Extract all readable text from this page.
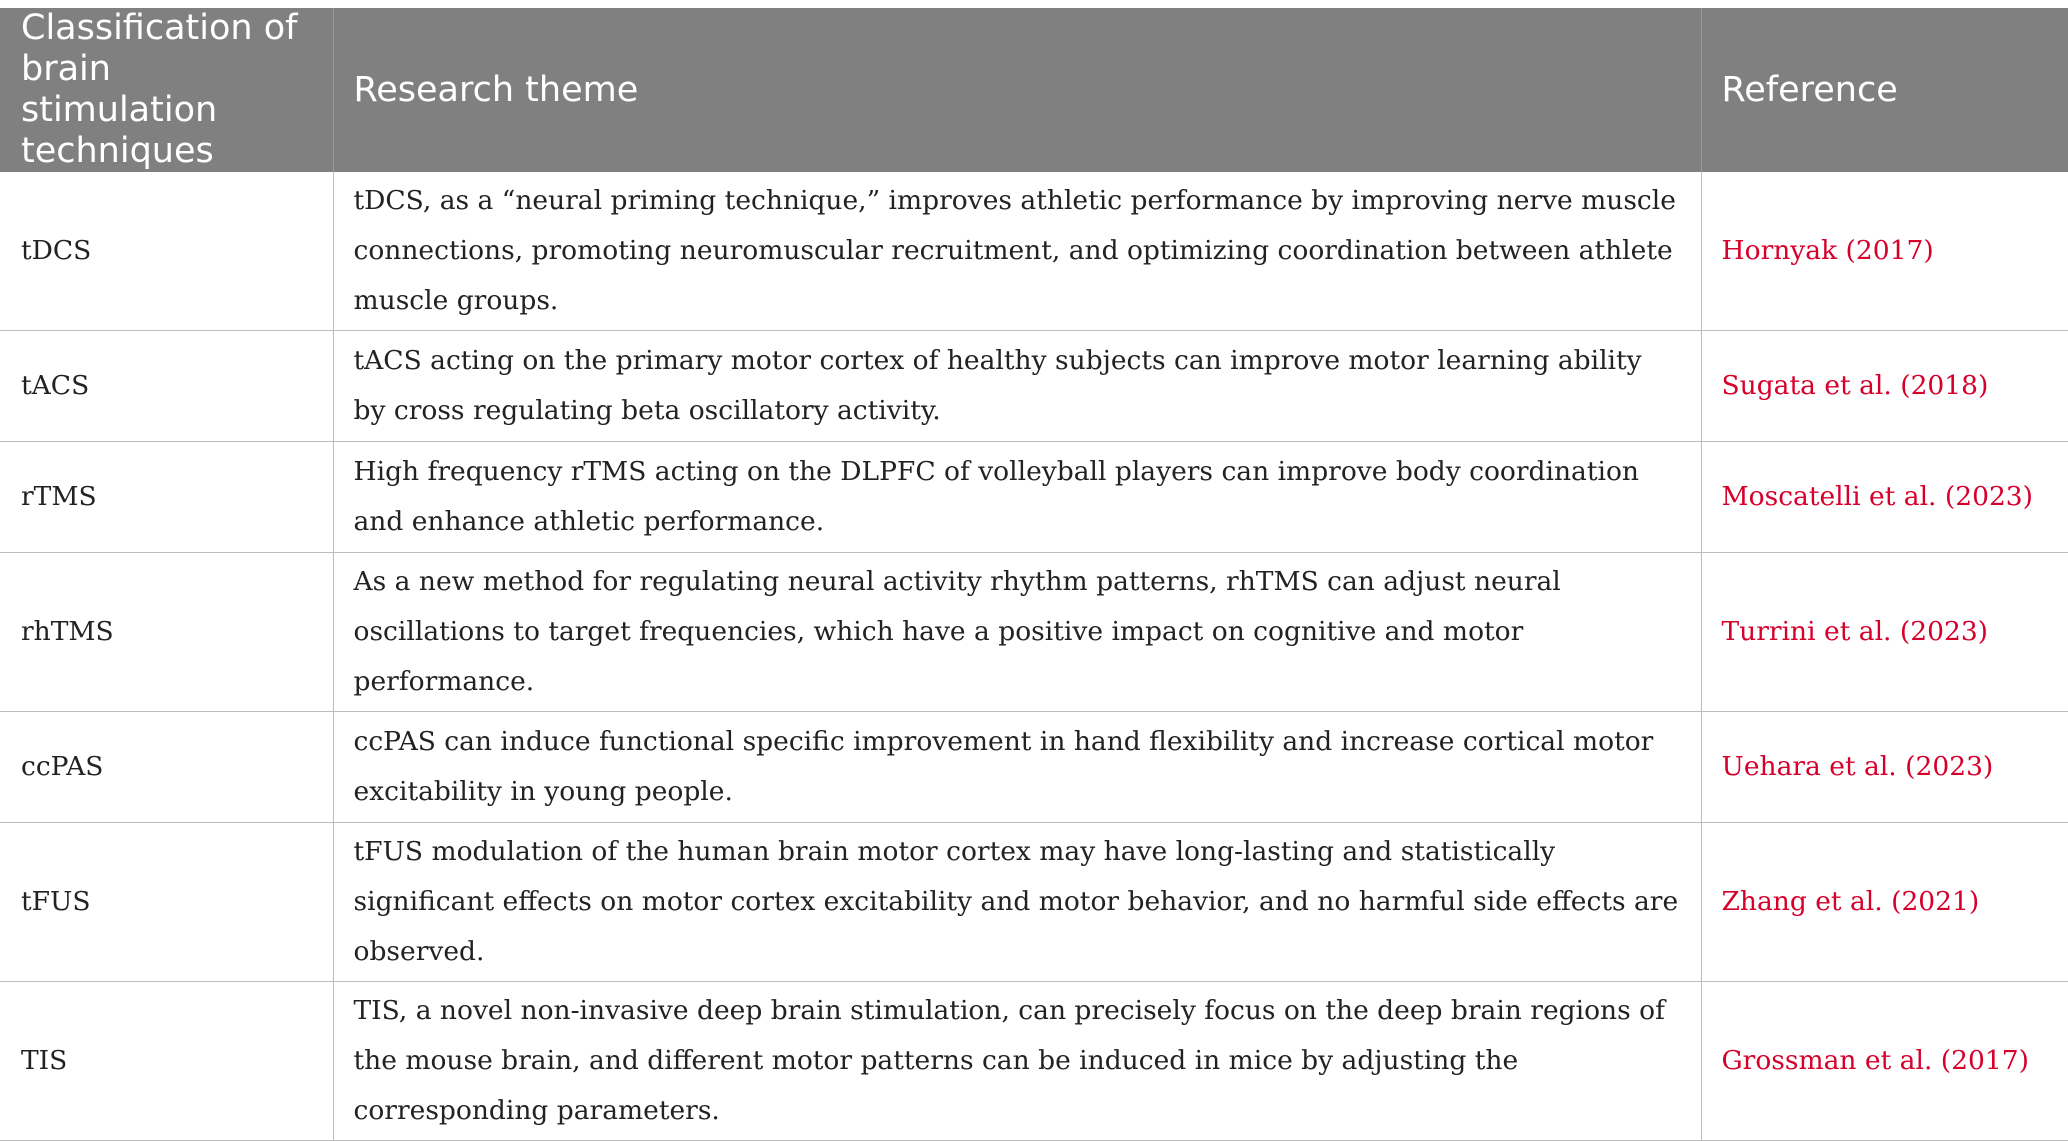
Classification of brain stimulation techniques	Research theme	Reference
tDCS	tDCS, as a “neural priming technique,” improves athletic performance by improving nerve muscle connections, promoting neuromuscular recruitment, and optimizing coordination between athlete muscle groups.	Hornyak (2017)
tACS	tACS acting on the primary motor cortex of healthy subjects can improve motor learning ability by cross regulating beta oscillatory activity.	Sugata et al. (2018)
rTMS	High frequency rTMS acting on the DLPFC of volleyball players can improve body coordination and enhance athletic performance.	Moscatelli et al. (2023)
rhTMS	As a new method for regulating neural activity rhythm patterns, rhTMS can adjust neural oscillations to target frequencies, which have a positive impact on cognitive and motor performance.	Turrini et al. (2023)
ccPAS	ccPAS can induce functional specific improvement in hand flexibility and increase cortical motor excitability in young people.	Uehara et al. (2023)
tFUS	tFUS modulation of the human brain motor cortex may have long-lasting and statistically significant effects on motor cortex excitability and motor behavior, and no harmful side effects are observed.	Zhang et al. (2021)
TIS	TIS, a novel non-invasive deep brain stimulation, can precisely focus on the deep brain regions of the mouse brain, and different motor patterns can be induced in mice by adjusting the corresponding parameters.	Grossman et al. (2017)
